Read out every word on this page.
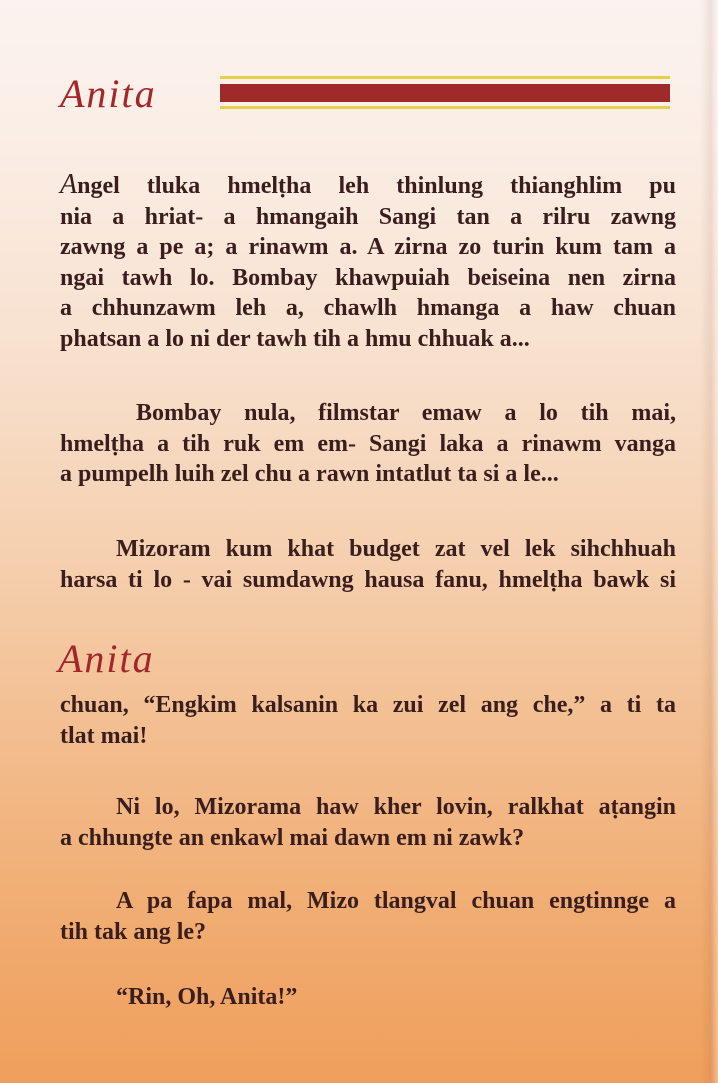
Anita
Angel tluka hmelṭha leh thinlung thianghlim pu
nia a hriat- a hmangaih Sangi tan a rilru zawng
zawng a pe a; a rinawm a. A zirna zo turin kum tam a
ngai tawh lo. Bombay khawpuiah beiseina nen zirna
a chhunzawm leh a, chawlh hmanga a haw chuan
phatsan a lo ni der tawh tih a hmu chhuak a...
Bombay nula, filmstar emaw a lo tih mai,
hmelṭha a tih ruk em em- Sangi laka a rinawm vanga
a pumpelh luih zel chu a rawn intatlut ta si a le...
Mizoram kum khat budget zat vel lek sihchhuah
harsa ti lo - vai sumdawng hausa fanu, hmelṭha bawk si
Anita
chuan, “Engkim kalsanin ka zui zel ang che,” a ti ta
tlat mai!
Ni lo, Mizorama haw kher lovin, ralkhat aṭangin
a chhungte an enkawl mai dawn em ni zawk?
A pa fapa mal, Mizo tlangval chuan engtinnge a
tih tak ang le?
“Rin, Oh, Anita!”
